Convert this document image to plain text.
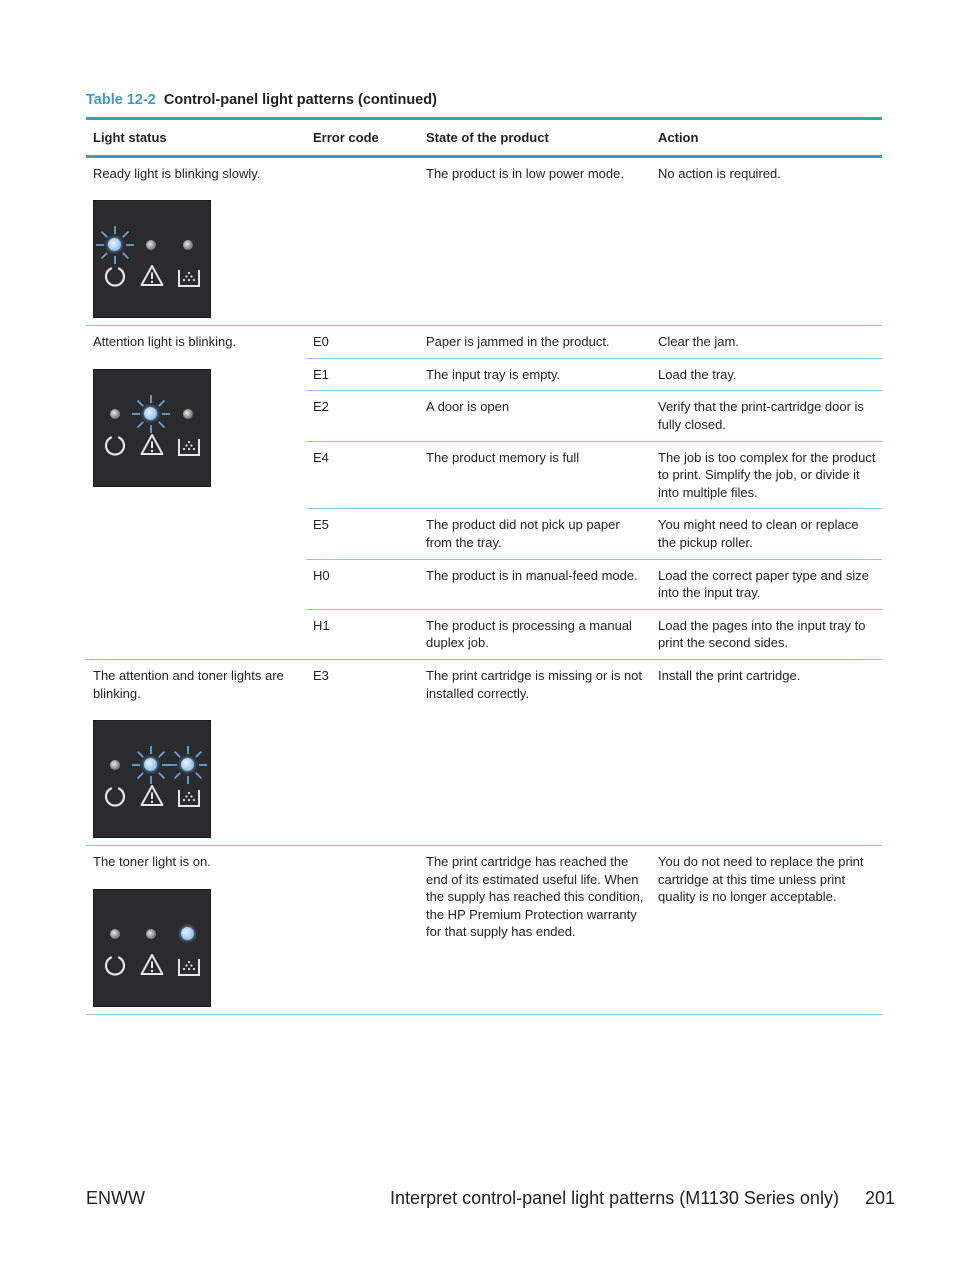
Table 12-2 Control-panel light patterns (continued)
Light status	Error code	State of the product	Action

Ready light is blinking slowly.		The product is in low power mode.	No action is required.

Attention light is blinking.	E0	Paper is jammed in the product.	Clear the jam.
	E1	The input tray is empty.	Load the tray.
	E2	A door is open	Verify that the print-cartridge door is fully closed.
	E4	The product memory is full	The job is too complex for the product to print. Simplify the job, or divide it into multiple files.
	E5	The product did not pick up paper from the tray.	You might need to clean or replace the pickup roller.
	H0	The product is in manual-feed mode.	Load the correct paper type and size into the input tray.
	H1	The product is processing a manual duplex job.	Load the pages into the input tray to print the second sides.

The attention and toner lights are blinking.	E3	The print cartridge is missing or is not installed correctly.	Install the print cartridge.

The toner light is on.		The print cartridge has reached the end of its estimated useful life. When the supply has reached this condition, the HP Premium Protection warranty for that supply has ended.	You do not need to replace the print cartridge at this time unless print quality is no longer acceptable.
ENWW	Interpret control-panel light patterns (M1130 Series only) 201
